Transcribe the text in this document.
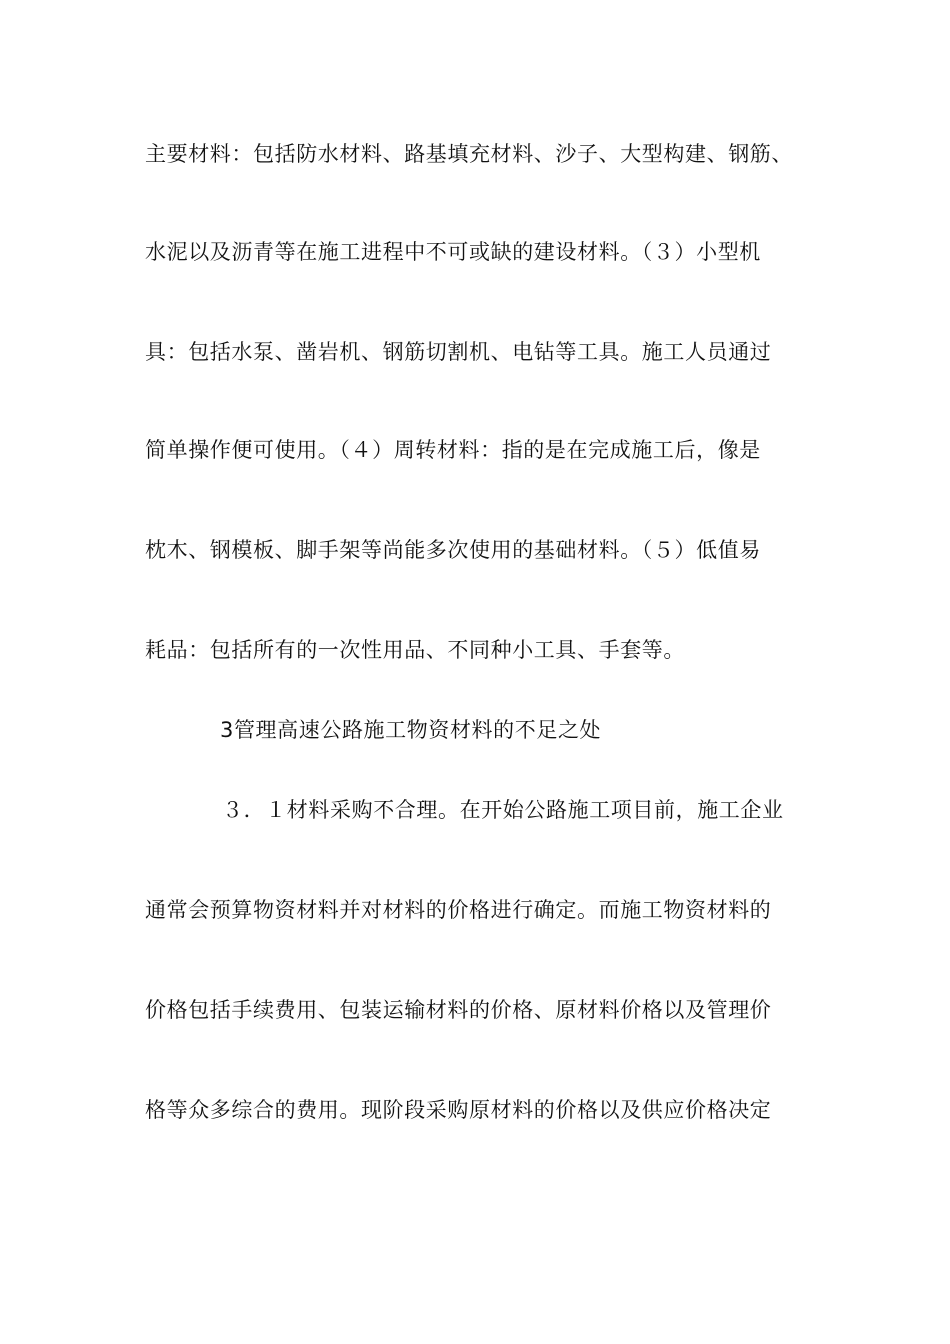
主要材料：包括防水材料、路基填充材料、沙子、大型构建、钢筋、
水泥以及沥青等在施工进程中不可或缺的建设材料。（３）小型机
具：包括水泵、凿岩机、钢筋切割机、电钻等工具。施工人员通过
简单操作便可使用。（４）周转材料：指的是在完成施工后，像是
枕木、钢模板、脚手架等尚能多次使用的基础材料。（５）低值易
耗品：包括所有的一次性用品、不同种小工具、手套等。
3管理高速公路施工物资材料的不足之处
３．１材料采购不合理。在开始公路施工项目前，施工企业
通常会预算物资材料并对材料的价格进行确定。而施工物资材料的
价格包括手续费用、包装运输材料的价格、原材料价格以及管理价
格等众多综合的费用。现阶段采购原材料的价格以及供应价格决定
